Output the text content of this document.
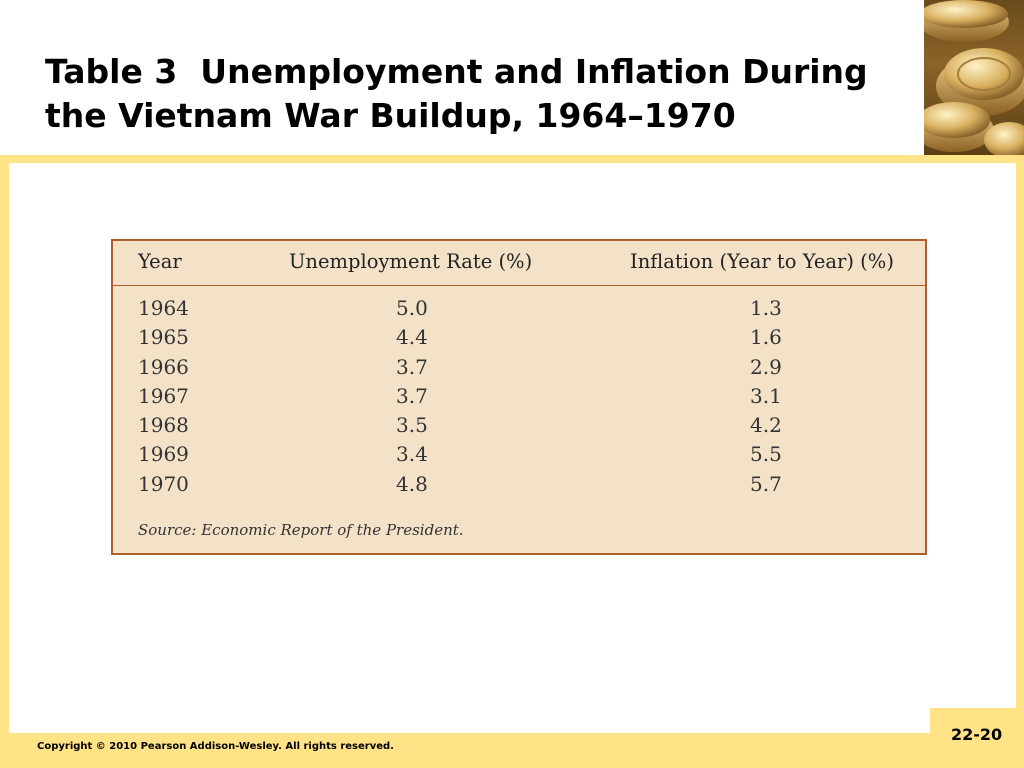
Table 3 Unemployment and Inflation During the Vietnam War Buildup, 1964–1970
Year	Unemployment Rate (%)	Inflation (Year to Year) (%)
1964	5.0	1.3
1965	4.4	1.6
1966	3.7	2.9
1967	3.7	3.1
1968	3.5	4.2
1969	3.4	5.5
1970	4.8	5.7
Source: Economic Report of the President.
Copyright © 2010 Pearson Addison-Wesley. All rights reserved.
22-20
